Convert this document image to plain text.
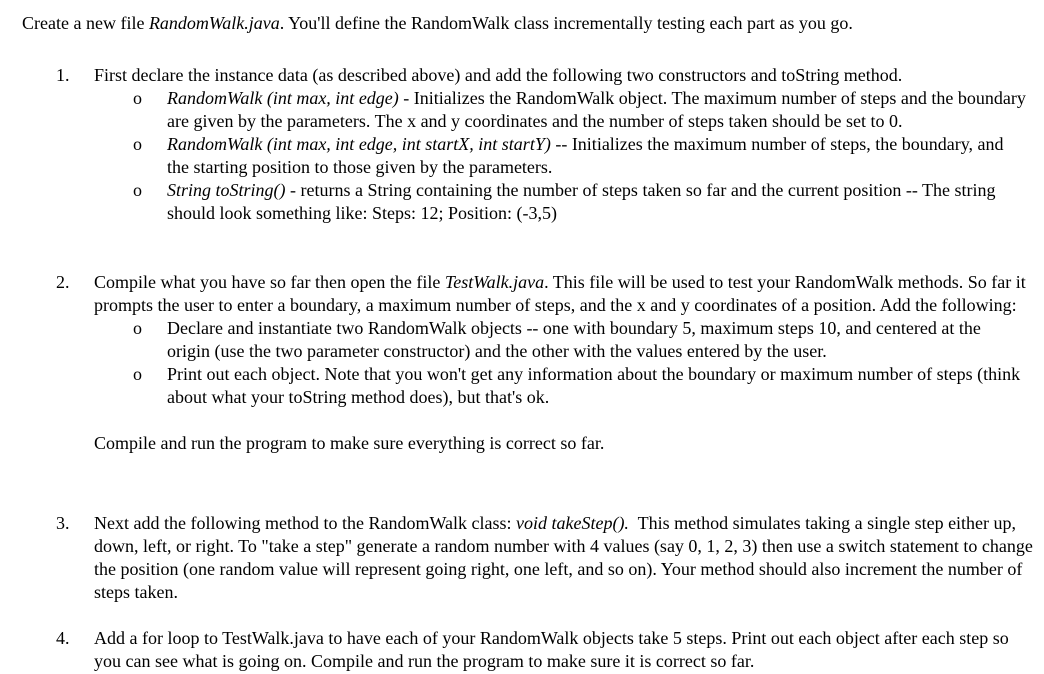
Create a new file RandomWalk.java. You'll define the RandomWalk class incrementally testing each part as you go.
1. First declare the instance data (as described above) and add the following two constructors and toString method.
o RandomWalk (int max, int edge) - Initializes the RandomWalk object. The maximum number of steps and the boundary are given by the parameters. The x and y coordinates and the number of steps taken should be set to 0.
o RandomWalk (int max, int edge, int startX, int startY) -- Initializes the maximum number of steps, the boundary, and the starting position to those given by the parameters.
o String toString() - returns a String containing the number of steps taken so far and the current position -- The string should look something like: Steps: 12; Position: (-3,5)
2. Compile what you have so far then open the file TestWalk.java. This file will be used to test your RandomWalk methods. So far it prompts the user to enter a boundary, a maximum number of steps, and the x and y coordinates of a position. Add the following:
o Declare and instantiate two RandomWalk objects -- one with boundary 5, maximum steps 10, and centered at the origin (use the two parameter constructor) and the other with the values entered by the user.
o Print out each object. Note that you won't get any information about the boundary or maximum number of steps (think about what your toString method does), but that's ok.
Compile and run the program to make sure everything is correct so far.
3. Next add the following method to the RandomWalk class: void takeStep().  This method simulates taking a single step either up, down, left, or right. To "take a step" generate a random number with 4 values (say 0, 1, 2, 3) then use a switch statement to change the position (one random value will represent going right, one left, and so on). Your method should also increment the number of steps taken.
4. Add a for loop to TestWalk.java to have each of your RandomWalk objects take 5 steps. Print out each object after each step so you can see what is going on. Compile and run the program to make sure it is correct so far.
